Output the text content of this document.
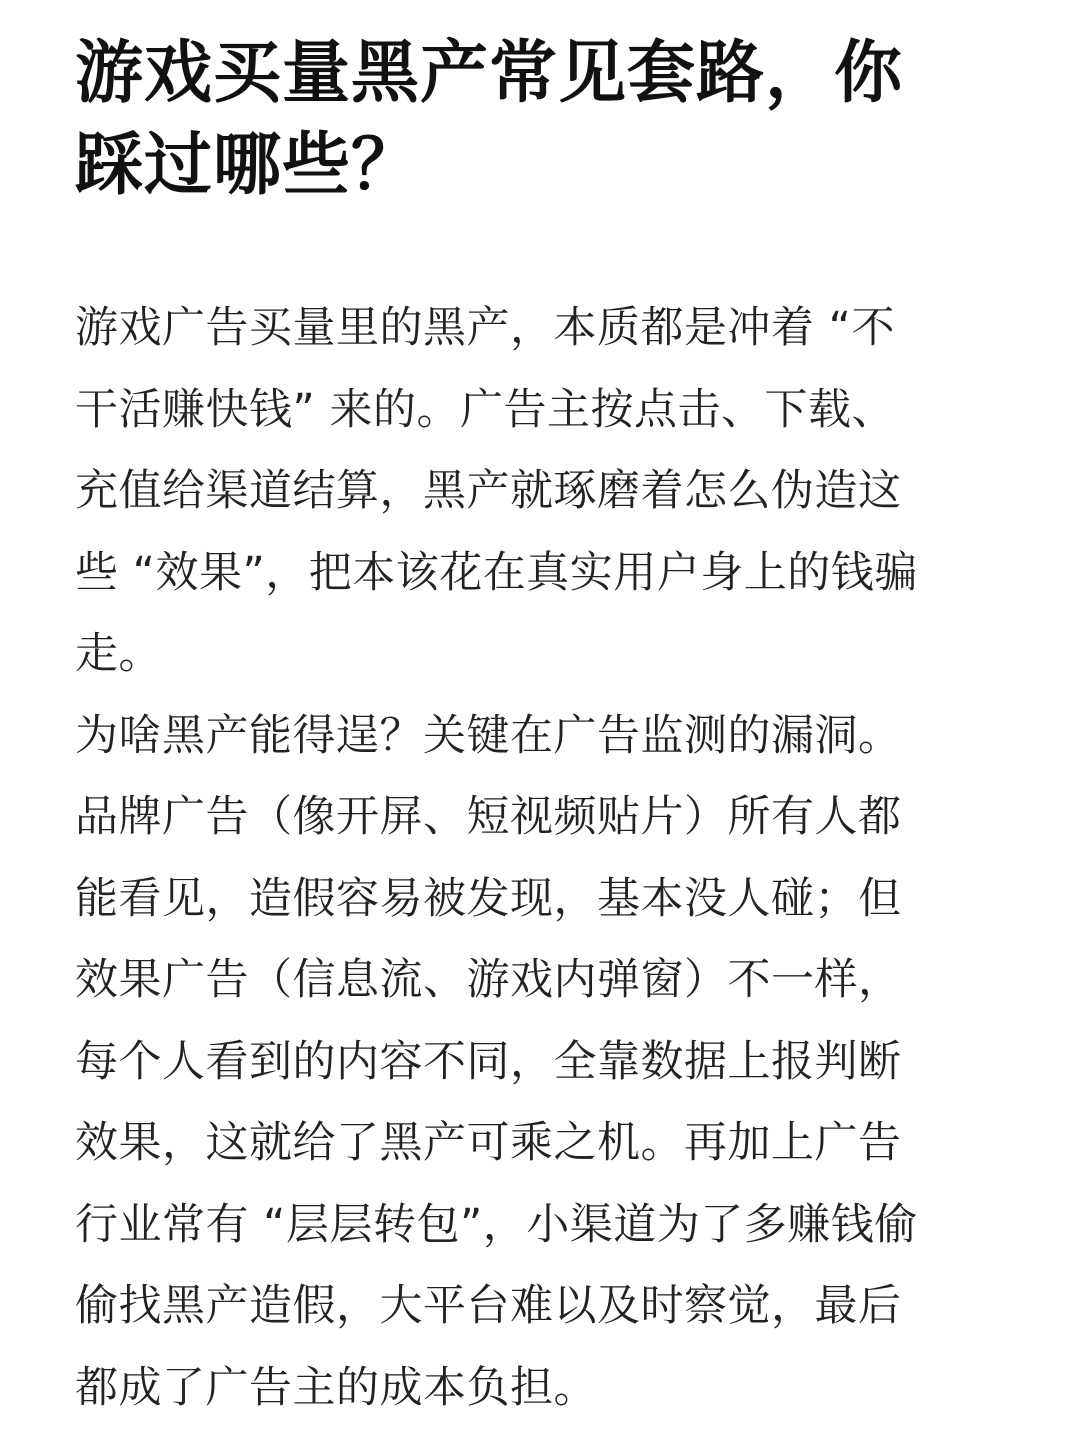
游戏买量黑产常见套路，你
踩过哪些？
游戏广告买量里的黑产，本质都是冲着 “不
干活赚快钱” 来的。广告主按点击、下载、
充值给渠道结算，黑产就琢磨着怎么伪造这
些 “效果”，把本该花在真实用户身上的钱骗
走。
为啥黑产能得逞？关键在广告监测的漏洞。
品牌广告（像开屏、短视频贴片）所有人都
能看见，造假容易被发现，基本没人碰；但
效果广告（信息流、游戏内弹窗）不一样，
每个人看到的内容不同，全靠数据上报判断
效果，这就给了黑产可乘之机。再加上广告
行业常有 “层层转包”，小渠道为了多赚钱偷
偷找黑产造假，大平台难以及时察觉，最后
都成了广告主的成本负担。
